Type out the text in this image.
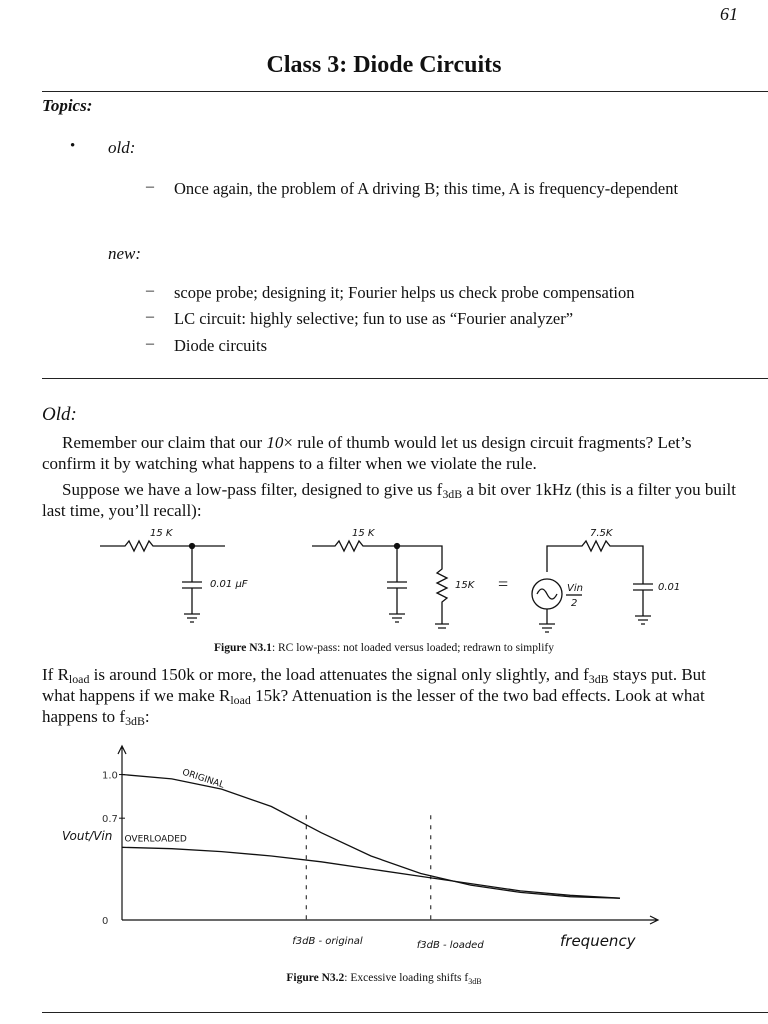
61
Class 3: Diode Circuits
Topics:
• old:
– Once again, the problem of A driving B; this time, A is frequency-dependent
new:
– scope probe; designing it; Fourier helps us check probe compensation
– LC circuit: highly selective; fun to use as “Fourier analyzer”
– Diode circuits
Old:
Remember our claim that our 10× rule of thumb would let us design circuit fragments? Let’s confirm it by watching what happens to a filter when we violate the rule.
Suppose we have a low-pass filter, designed to give us $f_{3dB}$ a bit over 1kHz (this is a filter you built last time, you’ll recall):
15 K
0.01 μF
15 K
15K =
7.5K
Vin
2
0.01
Figure N3.1: RC low-pass: not loaded versus loaded; redrawn to simplify
If $R_{load}$ is around 150k or more, the load attenuates the signal only slightly, and $f_{3dB}$ stays put. But what happens if we make $R_{load}$ 15k? Attenuation is the lesser of the two bad effects. Look at what happens to $f_{3dB}$:
1.0
0.7
0
Vout/Vin
frequency
ORIGINAL
OVERLOADED
f3dB - original	f3dB - loaded
Figure N3.2: Excessive loading shifts $f_{3dB}$
